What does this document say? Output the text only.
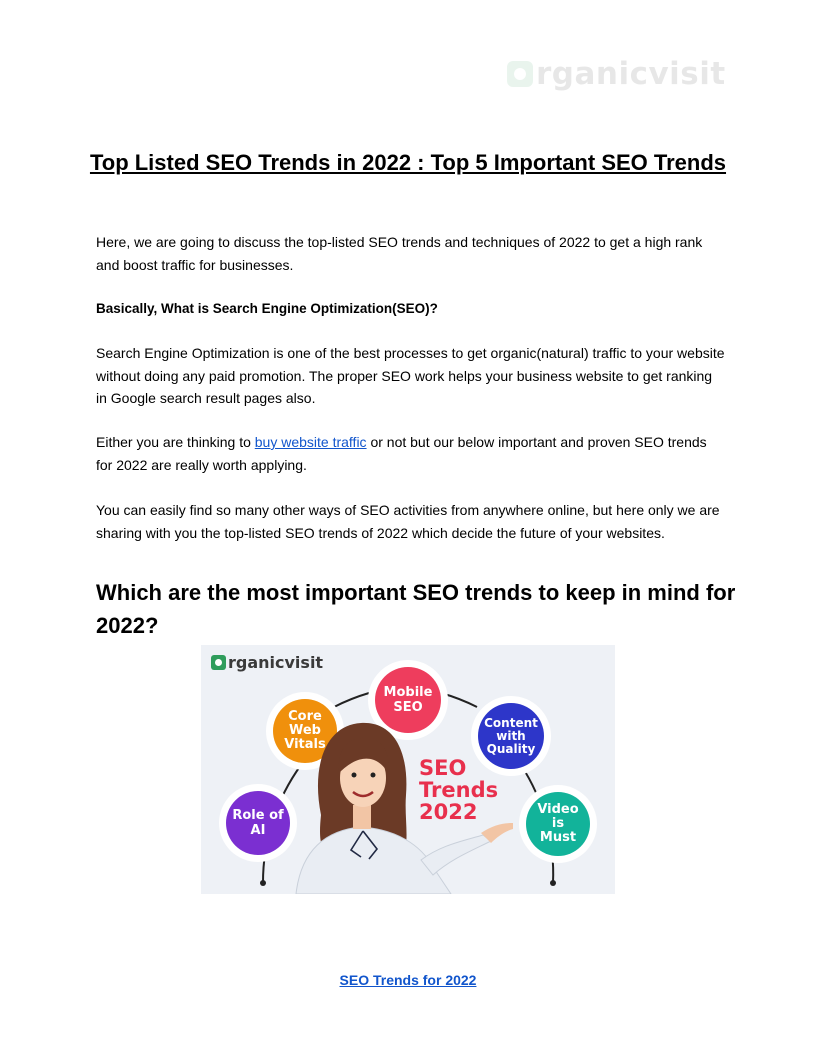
rganicvisit
Top Listed SEO Trends in 2022 : Top 5 Important SEO Trends

Here, we are going to discuss the top-listed SEO trends and techniques of 2022 to get a high rank and boost traffic for businesses.

Basically, What is Search Engine Optimization(SEO)?

Search Engine Optimization is one of the best processes to get organic(natural) traffic to your website without doing any paid promotion. The proper SEO work helps your business website to get ranking in Google search result pages also.

Either you are thinking to buy website traffic or not but our below important and proven SEO trends for 2022 are really worth applying.

You can easily find so many other ways of SEO activities from anywhere online, but here only we are sharing with you the top-listed SEO trends of 2022 which decide the future of your websites.

Which are the most important SEO trends to keep in mind for 2022?
rganicvisit
Role of
AI
Core
Web
Vitals
Mobile
SEO
Content
with
Quality
Video
is
Must
SEO
Trends
2022
SEO Trends for 2022
